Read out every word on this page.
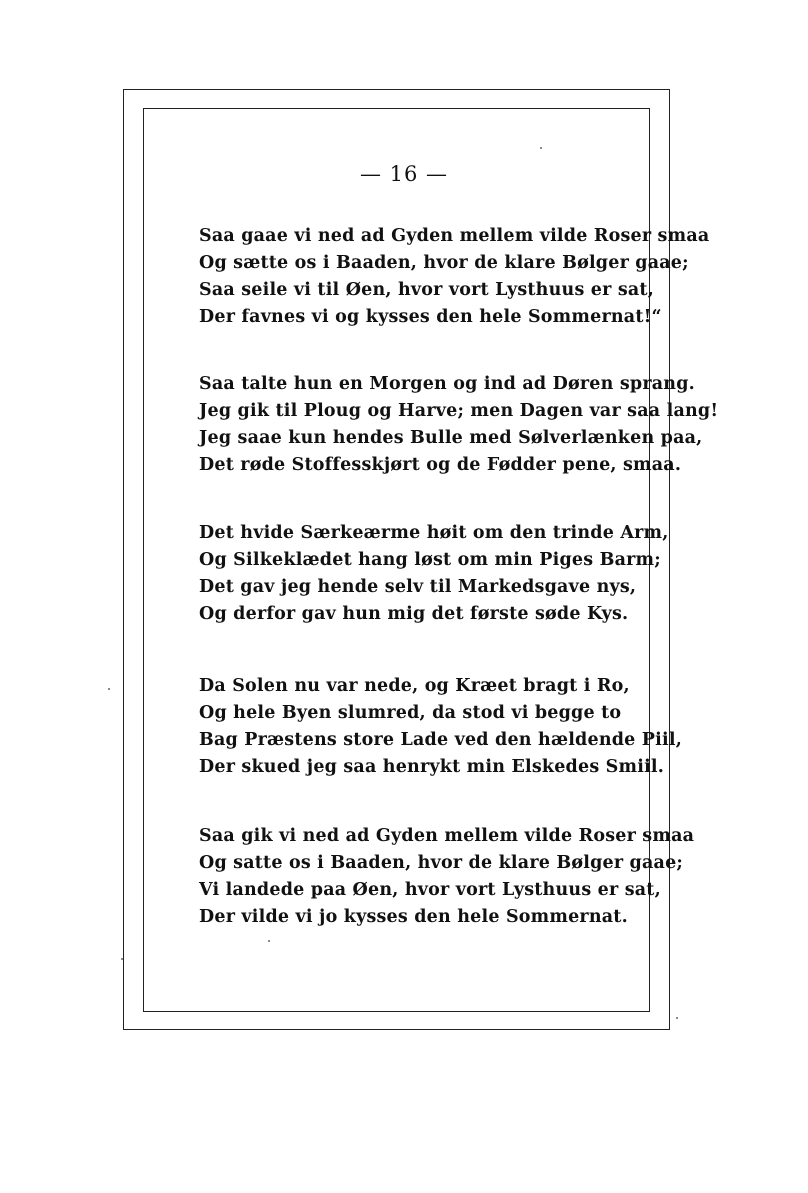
— 16 —
Saa gaae vi ned ad Gyden mellem vilde Roser smaa
Og sætte os i Baaden, hvor de klare Bølger gaae;
Saa seile vi til Øen, hvor vort Lysthuus er sat,
Der favnes vi og kysses den hele Sommernat!“
Saa talte hun en Morgen og ind ad Døren sprang.
Jeg gik til Ploug og Harve; men Dagen var saa lang!
Jeg saae kun hendes Bulle med Sølverlænken paa,
Det røde Stoffesskjørt og de Fødder pene, smaa.
Det hvide Særkeærme høit om den trinde Arm,
Og Silkeklædet hang løst om min Piges Barm;
Det gav jeg hende selv til Markedsgave nys,
Og derfor gav hun mig det første søde Kys.
Da Solen nu var nede, og Kræet bragt i Ro,
Og hele Byen slumred, da stod vi begge to
Bag Præstens store Lade ved den hældende Piil,
Der skued jeg saa henrykt min Elskedes Smiil.
Saa gik vi ned ad Gyden mellem vilde Roser smaa
Og satte os i Baaden, hvor de klare Bølger gaae;
Vi landede paa Øen, hvor vort Lysthuus er sat,
Der vilde vi jo kysses den hele Sommernat.
